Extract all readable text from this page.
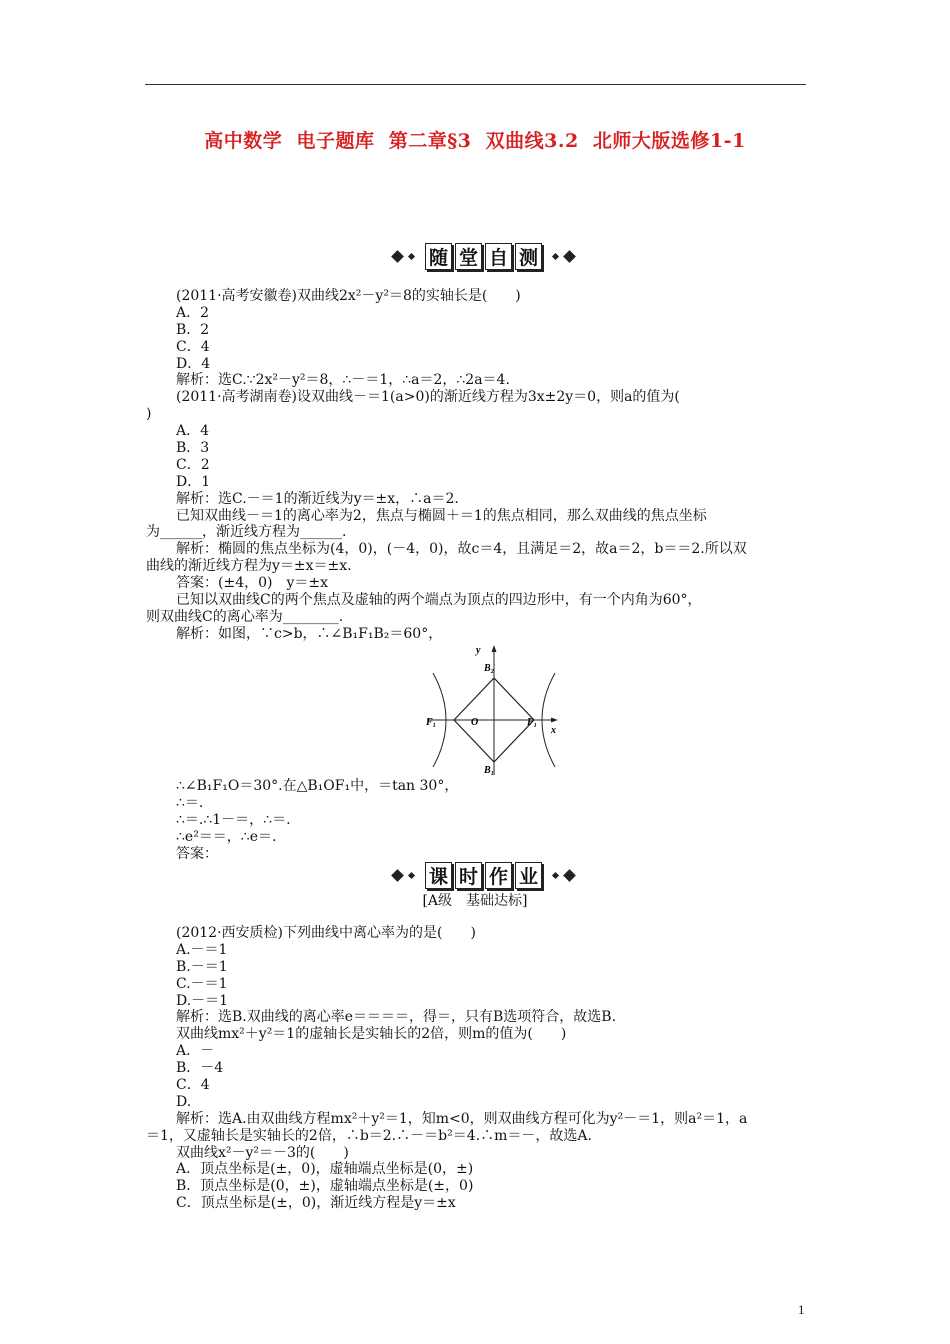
高中数学  电子题库  第二章§3  双曲线3.2  北师大版选修1-1
随 堂 自 测
(2011·高考安徽卷)双曲线2x²－y²＝8的实轴长是(　　)
A．2
B．2
C．4
D．4
解析：选C.∵2x²－y²＝8，∴－＝1，∴a＝2，∴2a＝4.
(2011·高考湖南卷)设双曲线－＝1(a>0)的渐近线方程为3x±2y＝0，则a的值为(
)
A．4
B．3
C．2
D．1
解析：选C.－＝1的渐近线为y＝±x，∴a＝2.
已知双曲线－＝1的离心率为2，焦点与椭圆＋＝1的焦点相同，那么双曲线的焦点坐标
为______，渐近线方程为______.
解析：椭圆的焦点坐标为(4，0)，(－4，0)，故c＝4，且满足＝2，故a＝2，b＝＝2.所以双
曲线的渐近线方程为y＝±x＝±x.
答案：(±4，0)　y＝±x
已知以双曲线C的两个焦点及虚轴的两个端点为顶点的四边形中，有一个内角为60°，
则双曲线C的离心率为________.
解析：如图，∵c>b，∴∠B₁F₁B₂＝60°，
y
x
B₂
B₁
F₁	F₁
O
∴∠B₁F₁O＝30°.在△B₁OF₁中，＝tan 30°，
∴＝.
∴＝.∴1－＝，∴＝.
∴e²＝＝，∴e＝.
答案：
课 时 作 业
[A级　基础达标]
(2012·西安质检)下列曲线中离心率为的是(　　)
A.－＝1
B.－＝1
C.－＝1
D.－＝1
解析：选B.双曲线的离心率e＝＝＝＝，得＝，只有B选项符合，故选B.
双曲线mx²＋y²＝1的虚轴长是实轴长的2倍，则m的值为(　　)
A．－
B．－4
C．4
D.
解析：选A.由双曲线方程mx²＋y²＝1，知m<0，则双曲线方程可化为y²－＝1，则a²＝1，a
＝1，又虚轴长是实轴长的2倍，∴b＝2.∴－＝b²＝4.∴m＝－，故选A.
双曲线x²－y²＝－3的(　　)
A．顶点坐标是(±，0)，虚轴端点坐标是(0，±)
B．顶点坐标是(0，±)，虚轴端点坐标是(±，0)
C．顶点坐标是(±，0)，渐近线方程是y＝±x
1
